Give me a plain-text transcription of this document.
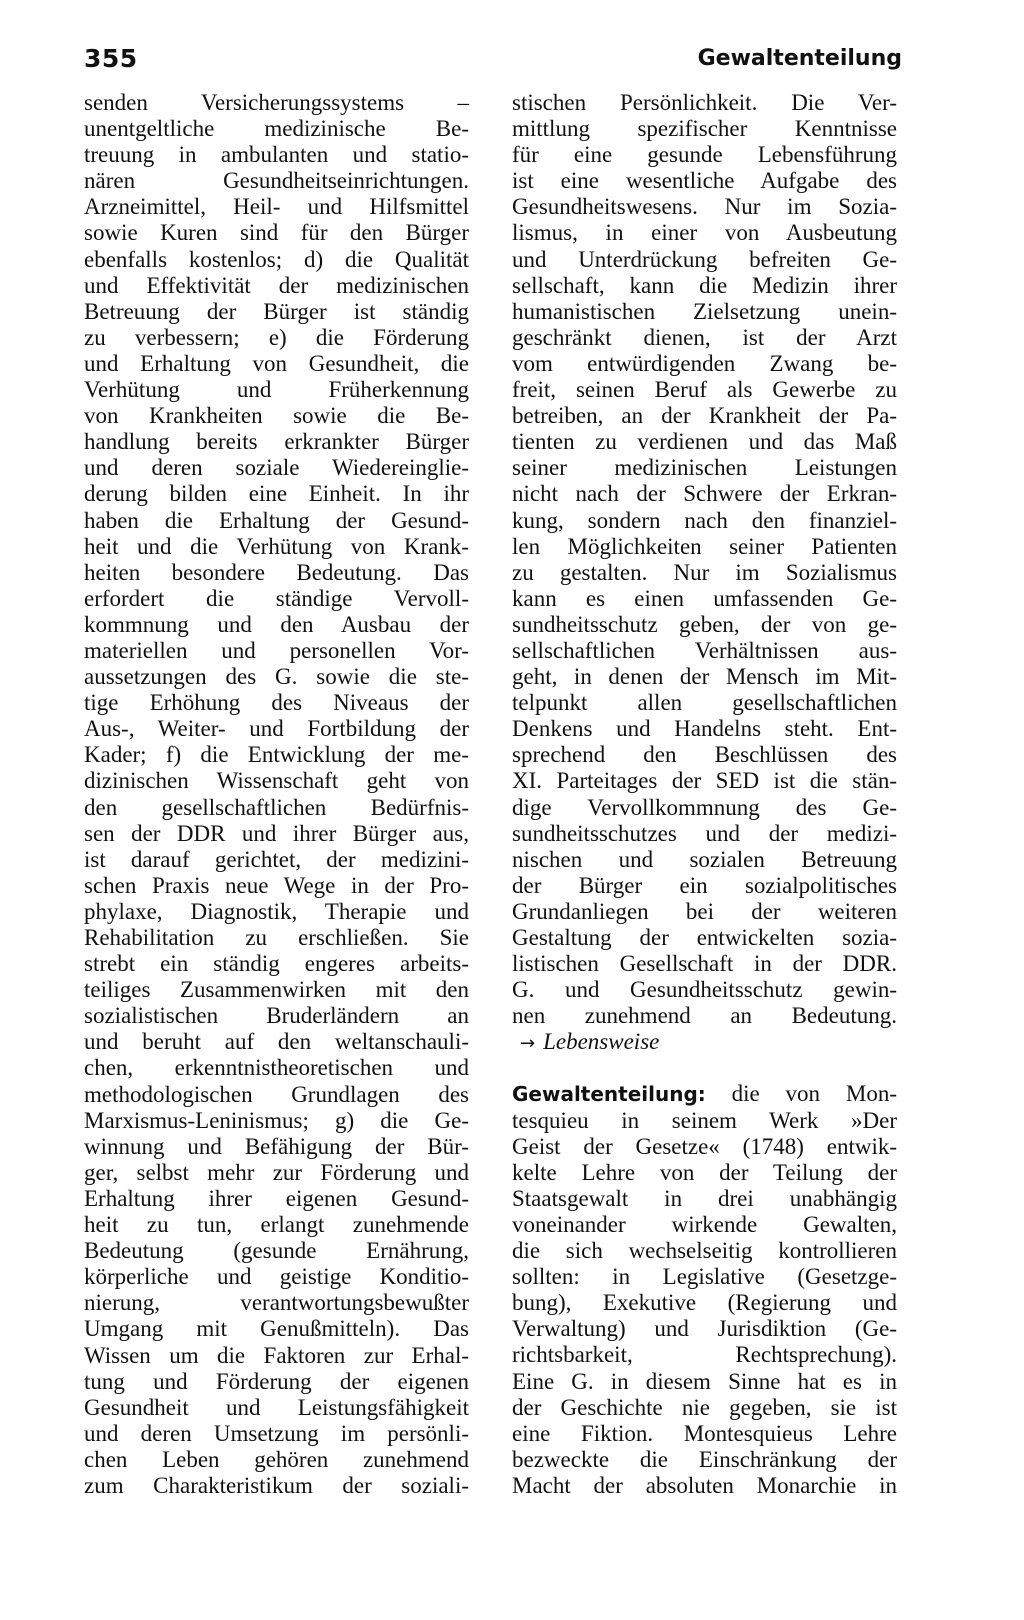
355	Gewaltenteilung
senden Versicherungssystems –
unentgeltliche medizinische Be-
treuung in ambulanten und statio-
nären Gesundheitseinrichtungen.
Arzneimittel, Heil- und Hilfsmittel
sowie Kuren sind für den Bürger
ebenfalls kostenlos; d) die Qualität
und Effektivität der medizinischen
Betreuung der Bürger ist ständig
zu verbessern; e) die Förderung
und Erhaltung von Gesundheit, die
Verhütung und Früherkennung
von Krankheiten sowie die Be-
handlung bereits erkrankter Bürger
und deren soziale Wiedereinglie-
derung bilden eine Einheit. In ihr
haben die Erhaltung der Gesund-
heit und die Verhütung von Krank-
heiten besondere Bedeutung. Das
erfordert die ständige Vervoll-
kommnung und den Ausbau der
materiellen und personellen Vor-
aussetzungen des G. sowie die ste-
tige Erhöhung des Niveaus der
Aus-, Weiter- und Fortbildung der
Kader; f) die Entwicklung der me-
dizinischen Wissenschaft geht von
den gesellschaftlichen Bedürfnis-
sen der DDR und ihrer Bürger aus,
ist darauf gerichtet, der medizini-
schen Praxis neue Wege in der Pro-
phylaxe, Diagnostik, Therapie und
Rehabilitation zu erschließen. Sie
strebt ein ständig engeres arbeits-
teiliges Zusammenwirken mit den
sozialistischen Bruderländern an
und beruht auf den weltanschauli-
chen, erkenntnistheoretischen und
methodologischen Grundlagen des
Marxismus-Leninismus; g) die Ge-
winnung und Befähigung der Bür-
ger, selbst mehr zur Förderung und
Erhaltung ihrer eigenen Gesund-
heit zu tun, erlangt zunehmende
Bedeutung (gesunde Ernährung,
körperliche und geistige Konditio-
nierung, verantwortungsbewußter
Umgang mit Genußmitteln). Das
Wissen um die Faktoren zur Erhal-
tung und Förderung der eigenen
Gesundheit und Leistungsfähigkeit
und deren Umsetzung im persönli-
chen Leben gehören zunehmend
zum Charakteristikum der soziali-
stischen Persönlichkeit. Die Ver-
mittlung spezifischer Kenntnisse
für eine gesunde Lebensführung
ist eine wesentliche Aufgabe des
Gesundheitswesens. Nur im Sozia-
lismus, in einer von Ausbeutung
und Unterdrückung befreiten Ge-
sellschaft, kann die Medizin ihrer
humanistischen Zielsetzung unein-
geschränkt dienen, ist der Arzt
vom entwürdigenden Zwang be-
freit, seinen Beruf als Gewerbe zu
betreiben, an der Krankheit der Pa-
tienten zu verdienen und das Maß
seiner medizinischen Leistungen
nicht nach der Schwere der Erkran-
kung, sondern nach den finanziel-
len Möglichkeiten seiner Patienten
zu gestalten. Nur im Sozialismus
kann es einen umfassenden Ge-
sundheitsschutz geben, der von ge-
sellschaftlichen Verhältnissen aus-
geht, in denen der Mensch im Mit-
telpunkt allen gesellschaftlichen
Denkens und Handelns steht. Ent-
sprechend den Beschlüssen des
XI. Parteitages der SED ist die stän-
dige Vervollkommnung des Ge-
sundheitsschutzes und der medizi-
nischen und sozialen Betreuung
der Bürger ein sozialpolitisches
Grundanliegen bei der weiteren
Gestaltung der entwickelten sozia-
listischen Gesellschaft in der DDR.
G. und Gesundheitsschutz gewin-
nen zunehmend an Bedeutung.
→ Lebensweise
Gewaltenteilung: die von Mon-
tesquieu in seinem Werk »Der
Geist der Gesetze« (1748) entwik-
kelte Lehre von der Teilung der
Staatsgewalt in drei unabhängig
voneinander wirkende Gewalten,
die sich wechselseitig kontrollieren
sollten: in Legislative (Gesetzge-
bung), Exekutive (Regierung und
Verwaltung) und Jurisdiktion (Ge-
richtsbarkeit, Rechtsprechung).
Eine G. in diesem Sinne hat es in
der Geschichte nie gegeben, sie ist
eine Fiktion. Montesquieus Lehre
bezweckte die Einschränkung der
Macht der absoluten Monarchie in
